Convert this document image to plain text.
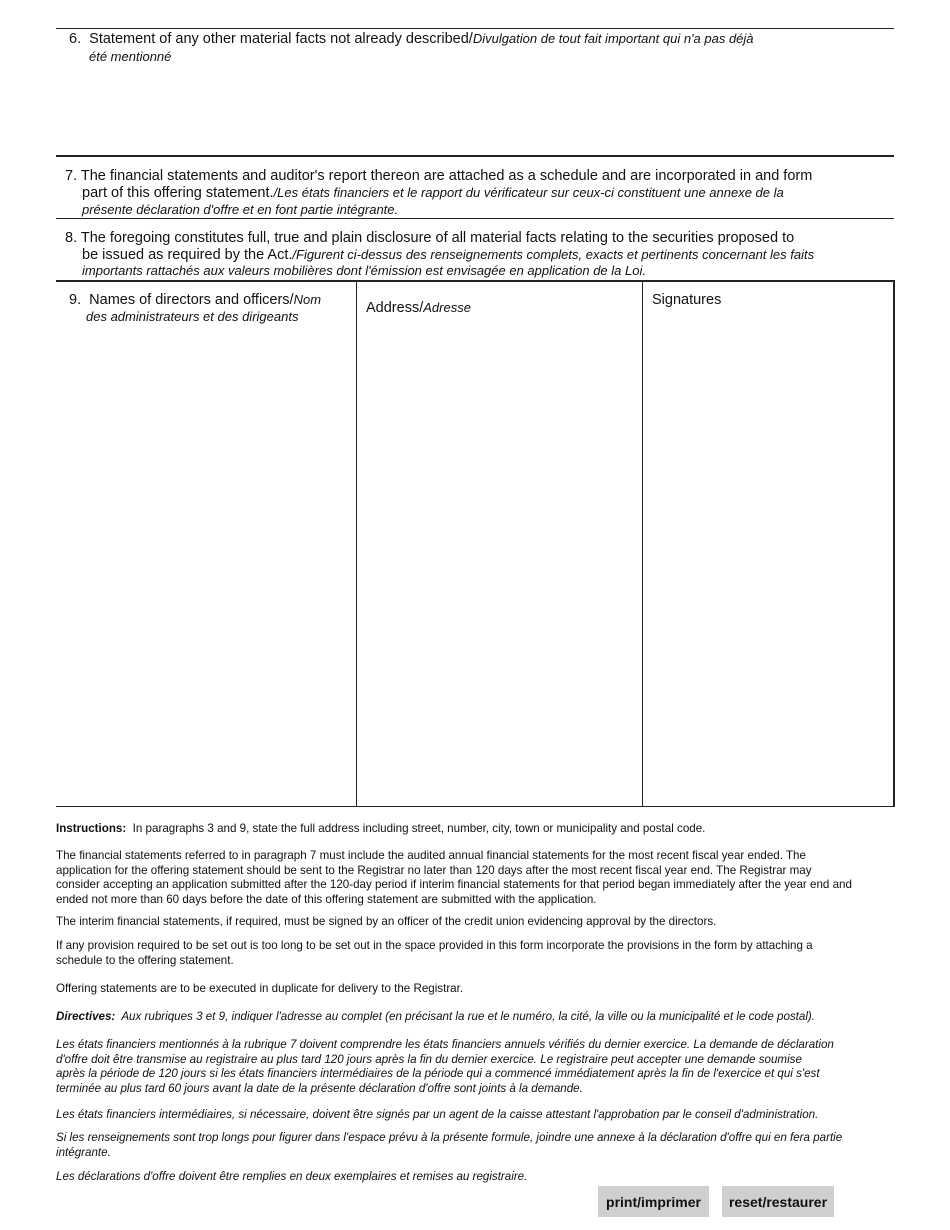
6. Statement of any other material facts not already described/Divulgation de tout fait important qui n'a pas déjà
été mentionné
7. The financial statements and auditor's report thereon are attached as a schedule and are incorporated in and form
part of this offering statement./Les états financiers et le rapport du vérificateur sur ceux-ci constituent une annexe de la
présente déclaration d'offre et en font partie intégrante.
8. The foregoing constitutes full, true and plain disclosure of all material facts relating to the securities proposed to
be issued as required by the Act./Figurent ci-dessus des renseignements complets, exacts et pertinents concernant les faits
importants rattachés aux valeurs mobilières dont l'émission est envisagée en application de la Loi.
9. Names of directors and officers/Nom
des administrateurs et des dirigeants
Address/Adresse	Signatures
Instructions: In paragraphs 3 and 9, state the full address including street, number, city, town or municipality and postal code.
The financial statements referred to in paragraph 7 must include the audited annual financial statements for the most recent fiscal year ended. The
application for the offering statement should be sent to the Registrar no later than 120 days after the most recent fiscal year end. The Registrar may
consider accepting an application submitted after the 120-day period if interim financial statements for that period began immediately after the year end and
ended not more than 60 days before the date of this offering statement are submitted with the application.
The interim financial statements, if required, must be signed by an officer of the credit union evidencing approval by the directors.
If any provision required to be set out is too long to be set out in the space provided in this form incorporate the provisions in the form by attaching a
schedule to the offering statement.
Offering statements are to be executed in duplicate for delivery to the Registrar.
Directives: Aux rubriques 3 et 9, indiquer l'adresse au complet (en précisant la rue et le numéro, la cité, la ville ou la municipalité et le code postal).
Les états financiers mentionnés à la rubrique 7 doivent comprendre les états financiers annuels vérifiés du dernier exercice. La demande de déclaration
d'offre doit être transmise au registraire au plus tard 120 jours après la fin du dernier exercice. Le registraire peut accepter une demande soumise
après la période de 120 jours si les états financiers intermédiaires de la période qui a commencé immédiatement après la fin de l'exercice et qui s'est
terminée au plus tard 60 jours avant la date de la présente déclaration d'offre sont joints à la demande.
Les états financiers intermédiaires, si nécessaire, doivent être signés par un agent de la caisse attestant l'approbation par le conseil d'administration.
Si les renseignements sont trop longs pour figurer dans l'espace prévu à la présente formule, joindre une annexe à la déclaration d'offre qui en fera partie
intégrante.
Les déclarations d'offre doivent être remplies en deux exemplaires et remises au registraire.
print/imprimer	reset/restaurer
